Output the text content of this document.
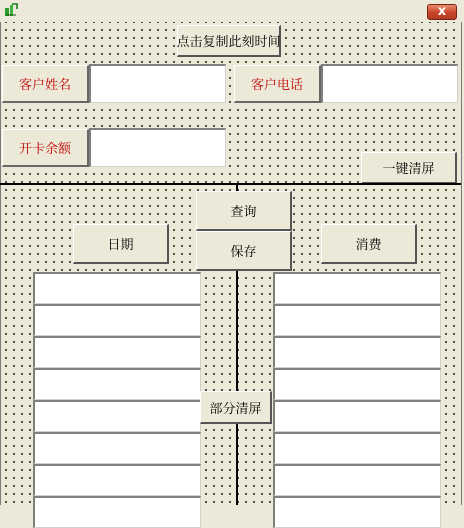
x
点击复制此刻时间
客户姓名	客户电话
开卡余额
一键清屏
查询
保存
日期	消费
部分清屏
